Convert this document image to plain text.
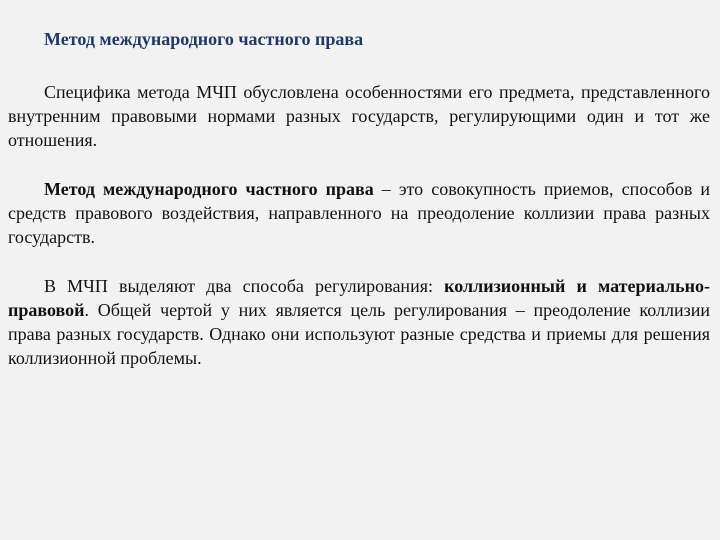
Метод международного частного права

Специфика метода МЧП обусловлена особенностями его предмета, представленного внутренним правовыми нормами разных государств, регулирующими один и тот же отношения.

Метод международного частного права – это совокупность приемов, способов и средств правового воздействия, направленного на преодоление коллизии права разных государств.

В МЧП выделяют два способа регулирования: коллизионный и материально-правовой. Общей чертой у них является цель регулирования – преодоление коллизии права разных государств. Однако они используют разные средства и приемы для решения коллизионной проблемы.
